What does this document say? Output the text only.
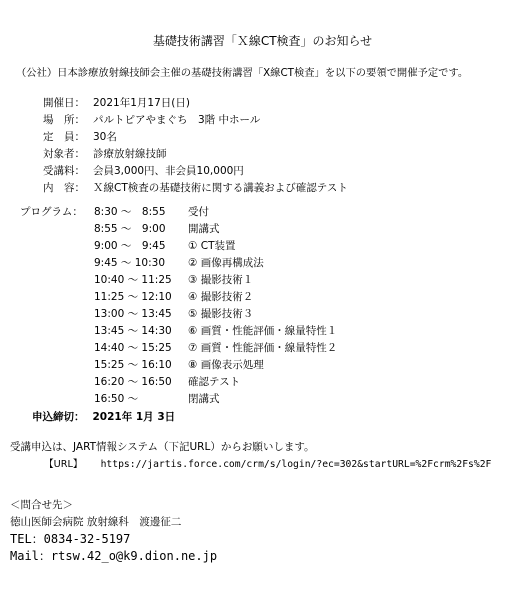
基礎技術講習「Ｘ線CT検査」のお知らせ
（公社）日本診療放射線技師会主催の基礎技術講習「X線CT検査」を以下の要領で開催予定です。
開催日： 2021年1月17日(日)
場　所： パルトピアやまぐち　3階 中ホール
定　員： 30名
対象者： 診療放射線技師
受講料： 会員3,000円、非会員10,000円
内　容： Ｘ線CT検査の基礎技術に関する講義および確認テスト
プログラム： 8:30 ～　8:55	受付
8:55 ～　9:00	開講式
9:00 ～　9:45	① CT装置
9:45 ～ 10:30	② 画像再構成法
10:40 ～ 11:25	③ 撮影技術１
11:25 ～ 12:10	④ 撮影技術２
13:00 ～ 13:45	⑤ 撮影技術３
13:45 ～ 14:30	⑥ 画質・性能評価・線量特性１
14:40 ～ 15:25	⑦ 画質・性能評価・線量特性２
15:25 ～ 16:10	⑧ 画像表示処理
16:20 ～ 16:50	確認テスト
16:50 ～	閉講式
申込締切： 2021年 1月 3日
受講申込は、JART情報システム（下記URL）からお願いします。
【URL】 https://jartis.force.com/crm/s/login/?ec=302&startURL=%2Fcrm%2Fs%2F
＜問合せ先＞
徳山医師会病院 放射線科　渡邊征二
TEL：0834-32-5197
Mail：rtsw.42_o@k9.dion.ne.jp
